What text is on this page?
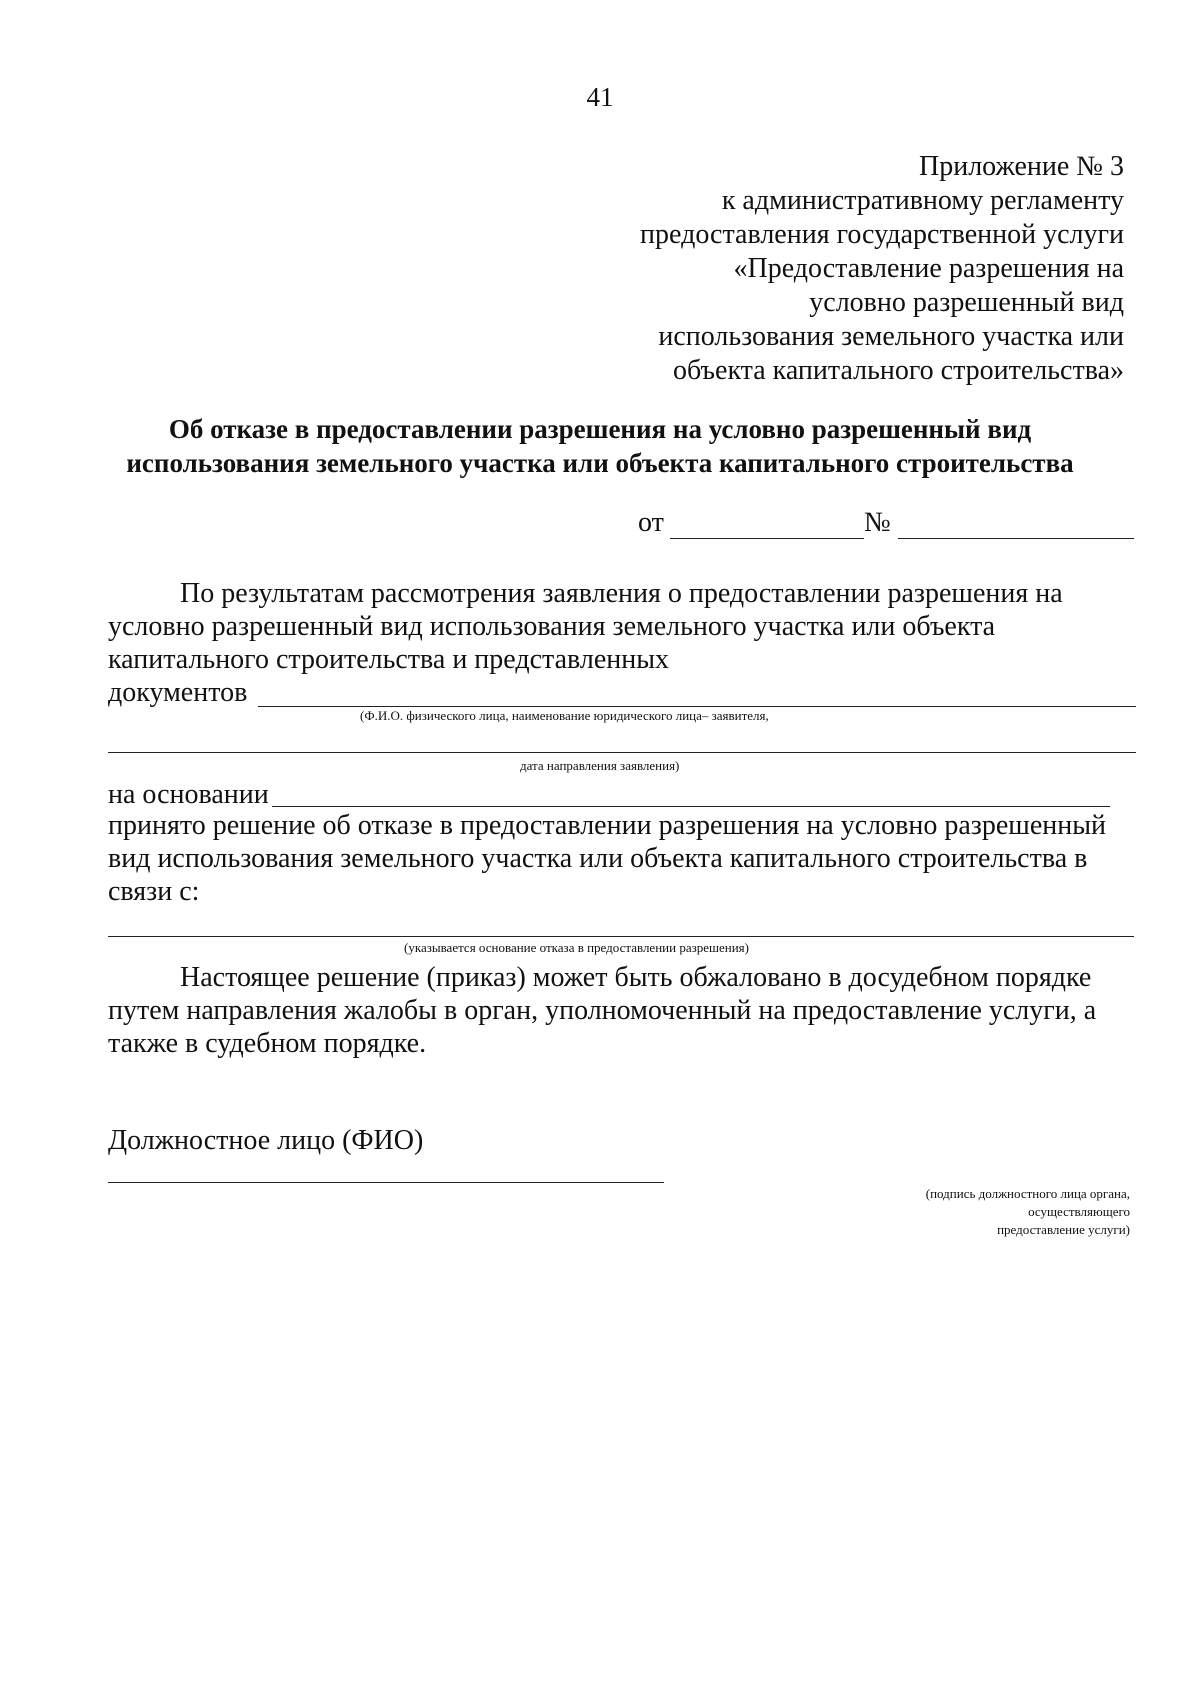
41
Приложение № 3
к административному регламенту
предоставления государственной услуги
«Предоставление разрешения на
условно разрешенный вид
использования земельного участка или
объекта капитального строительства»
Об отказе в предоставлении разрешения на условно разрешенный вид
использования земельного участка или объекта капитального строительства
от	№
По результатам рассмотрения заявления о предоставлении разрешения на
условно разрешенный вид использования земельного участка или объекта
капитального строительства и представленных
документов
(Ф.И.О. физического лица, наименование юридического лица– заявителя,
дата направления заявления)
на основании
принято решение об отказе в предоставлении разрешения на условно разрешенный
вид использования земельного участка или объекта капитального строительства в
связи с:
(указывается основание отказа в предоставлении разрешения)
Настоящее решение (приказ) может быть обжаловано в досудебном порядке
путем направления жалобы в орган, уполномоченный на предоставление услуги, а
также в судебном порядке.
Должностное лицо (ФИО)
(подпись должностного лица органа,
осуществляющего
предоставление услуги)
